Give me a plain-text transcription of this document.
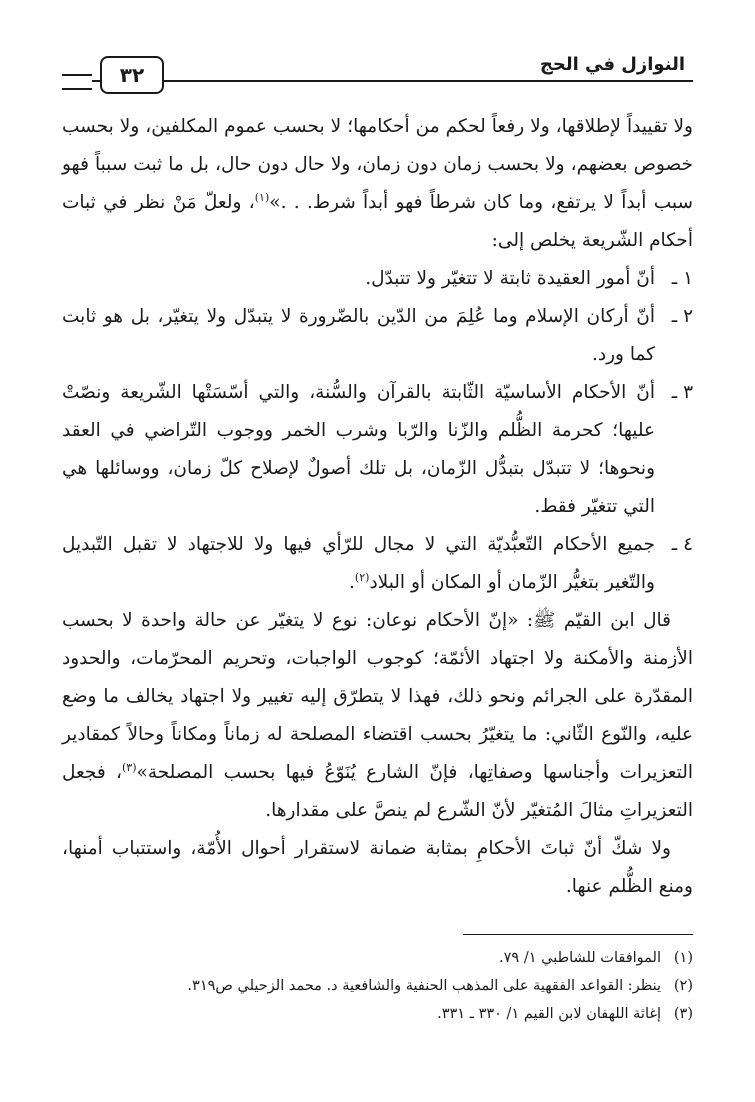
النوازل في الحج
٣٢

ولا تقييداً لإطلاقها، ولا رفعاً لحكم من أحكامها؛ لا بحسب عموم المكلفين، ولا بحسب خصوص بعضهم، ولا بحسب زمان دون زمان، ولا حال دون حال، بل ما ثبت سبباً فهو سبب أبداً لا يرتفع، وما كان شرطاً فهو أبداً شرط. . .»$^{(١)}$، ولعلّ مَنْ نظر في ثبات أحكام الشّريعة يخلص إلى:

١ ـ
أنّ أمور العقيدة ثابتة لا تتغيّر ولا تتبدّل.
٢ ـ
أنّ أركان الإسلام وما عُلِمَ من الدّين بالضّرورة لا يتبدّل ولا يتغيّر، بل هو ثابت كما ورد.
٣ ـ
أنّ الأحكام الأساسيّة الثّابتة بالقرآن والسُّنة، والتي أسّسَتْها الشّريعة ونصّتْ عليها؛ كحرمة الظُّلم والزّنا والرّبا وشرب الخمر ووجوب التّراضي في العقد ونحوها؛ لا تتبدّل بتبدُّل الزّمان، بل تلك أصولٌ لإصلاح كلّ زمان، ووسائلها هي التي تتغيّر فقط.
٤ ـ
جميع الأحكام التّعبُّديّة التي لا مجال للرّأي فيها ولا للاجتهاد لا تقبل التّبديل والتّغير بتغيُّر الزّمان أو المكان أو البلاد$^{(٢)}$.

قال ابن القيّم ﷺ: «إنّ الأحكام نوعان: نوع لا يتغيّر عن حالة واحدة لا بحسب الأزمنة والأمكنة ولا اجتهاد الأئمّة؛ كوجوب الواجبات، وتحريم المحرّمات، والحدود المقدّرة على الجرائم ونحو ذلك، فهذا لا يتطرّق إليه تغيير ولا اجتهاد يخالف ما وضع عليه، والنّوع الثّاني: ما يتغيّرُ بحسب اقتضاء المصلحة له زماناً ومكاناً وحالاً كمقادير التعزيرات وأجناسها وصفاتِها، فإنّ الشارع يُنَوّعُ فيها بحسب المصلحة»$^{(٣)}$، فجعل التعزيراتِ مثالَ المُتغيّر لأنّ الشّرع لم ينصَّ على مقدارها.

ولا شكّ أنّ ثباتَ الأحكامِ بمثابة ضمانة لاستقرار أحوال الأُمّة، واستتباب أمنها، ومنع الظُّلم عنها.

(١)الموافقات للشاطبي ١/ ٧٩.

(٢)ينظر: القواعد الفقهية على المذهب الحنفية والشافعية د. محمد الزحيلي ص٣١٩.

(٣)إغاثة اللهفان لابن القيم ١/ ٣٣٠ ـ ٣٣١.
